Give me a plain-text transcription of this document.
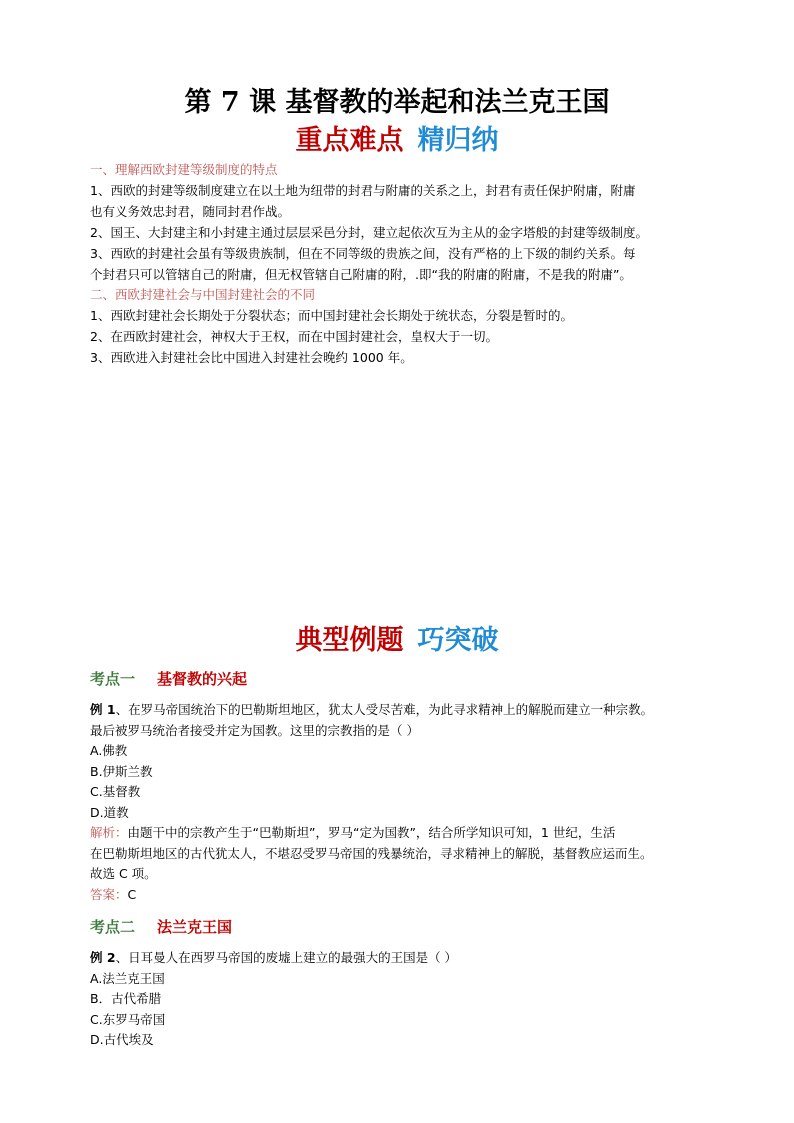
第 7 课 基督教的举起和法兰克王国
重点难点 精归纳
一、理解西欧封建等级制度的特点
1、西欧的封建等级制度建立在以土地为纽带的封君与附庸的关系之上，封君有责任保护附庸，附庸
也有义务效忠封君，随同封君作战。
2、国王、大封建主和小封建主通过层层采邑分封，建立起依次互为主从的金字塔般的封建等级制度。
3、西欧的封建社会虽有等级贵族制，但在不同等级的贵族之间，没有严格的上下级的制约关系。每
个封君只可以管辖自己的附庸，但无权管辖自己附庸的附，.即“我的附庸的附庸，不是我的附庸”。
二、西欧封建社会与中国封建社会的不同
1、西欧封建社会长期处于分裂状态；而中国封建社会长期处于统状态，分裂是暂时的。
2、在西欧封建社会，神权大于王权，而在中国封建社会，皇权大于一切。
3、西欧进入封建社会比中国进入封建社会晚约 1000 年。
典型例题 巧突破
考点一 基督教的兴起
例 1、在罗马帝国统治下的巴勒斯坦地区，犹太人受尽苦难，为此寻求精神上的解脱而建立一种宗教。
最后被罗马统治者接受并定为国教。这里的宗教指的是（ ）
A.佛教
B.伊斯兰教
C.基督教
D.道教
解析：由题干中的宗教产生于“巴勒斯坦”，罗马“定为国教”，结合所学知识可知，1 世纪，生活
在巴勒斯坦地区的古代犹太人，不堪忍受罗马帝国的残暴统治，寻求精神上的解脱，基督教应运而生。
故选 C 项。
答案：C
考点二 法兰克王国
例 2、日耳曼人在西罗马帝国的废墟上建立的最强大的王国是（ ）
A.法兰克王国
B．古代希腊
C.东罗马帝国
D.古代埃及
